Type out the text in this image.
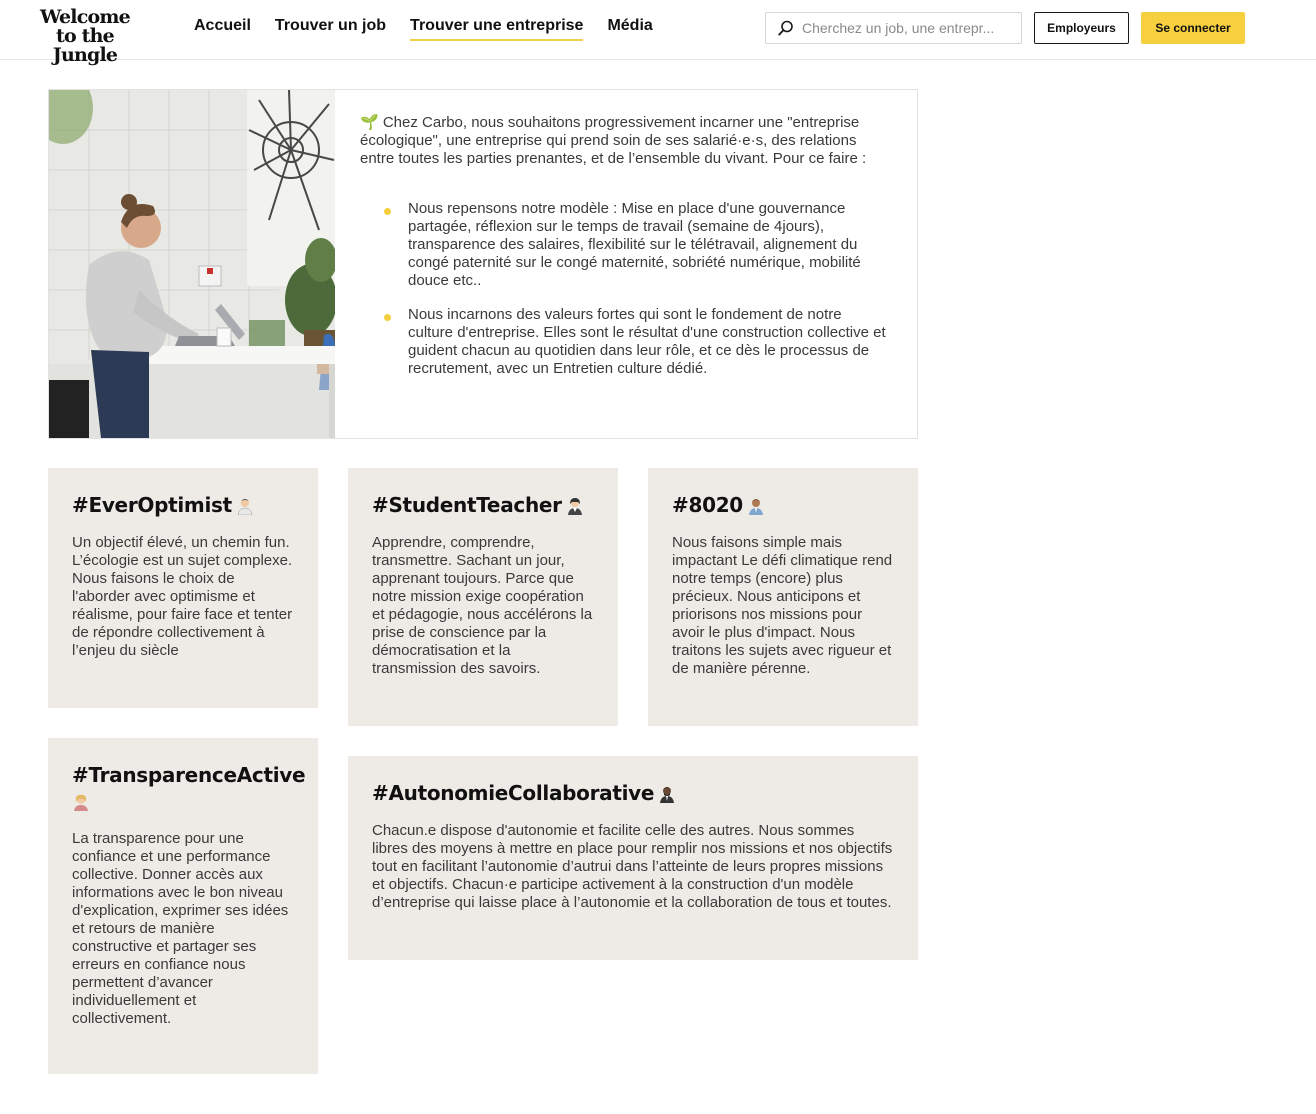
Welcome
to the Jungle
Accueil Trouver un job Trouver une entreprise Média
Cherchez un job, une entrepr...	Employeurs	Se connecter

🌱 Chez Carbo, nous souhaitons progressivement incarner une "entreprise écologique", une entreprise qui prend soin de ses salarié·e·s, des relations entre toutes les parties prenantes, et de l’ensemble du vivant. Pour ce faire :

Nous repensons notre modèle : Mise en place d'une gouvernance partagée, réflexion sur le temps de travail (semaine de 4jours), transparence des salaires, flexibilité sur le télétravail, alignement du congé paternité sur le congé maternité, sobriété numérique, mobilité douce etc..
Nous incarnons des valeurs fortes qui sont le fondement de notre culture d'entreprise. Elles sont le résultat d'une construction collective et guident chacun au quotidien dans leur rôle, et ce dès le processus de recrutement, avec un Entretien culture dédié.
#EverOptimist

Un objectif élevé, un chemin fun. L’écologie est un sujet complexe. Nous faisons le choix de l'aborder avec optimisme et réalisme, pour faire face et tenter de répondre collectivement à l’enjeu du siècle

#StudentTeacher

Apprendre, comprendre, transmettre. Sachant un jour, apprenant toujours. Parce que notre mission exige coopération et pédagogie, nous accélérons la prise de conscience par la démocratisation et la transmission des savoirs.

#8020

Nous faisons simple mais impactant Le défi climatique rend notre temps (encore) plus précieux. Nous anticipons et priorisons nos missions pour avoir le plus d'impact. Nous traitons les sujets avec rigueur et de manière pérenne.

#TransparenceActive

La transparence pour une confiance et une performance collective. Donner accès aux informations avec le bon niveau d'explication, exprimer ses idées et retours de manière constructive et partager ses erreurs en confiance nous permettent d’avancer individuellement et collectivement.

#AutonomieCollaborative

Chacun.e dispose d'autonomie et facilite celle des autres. Nous sommes libres des moyens à mettre en place pour remplir nos missions et nos objectifs tout en facilitant l’autonomie d’autrui dans l’atteinte de leurs propres missions et objectifs. Chacun·e participe activement à la construction d'un modèle d’entreprise qui laisse place à l’autonomie et la collaboration de tous et toutes.
